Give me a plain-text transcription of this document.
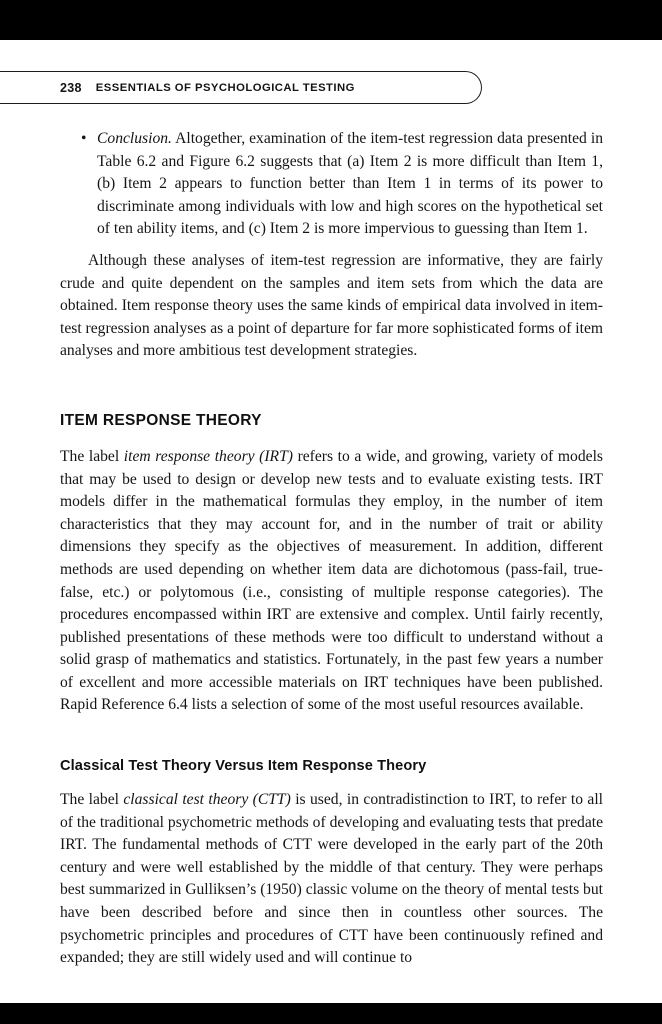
238 ESSENTIALS OF PSYCHOLOGICAL TESTING
• Conclusion. Altogether, examination of the item-test regression data presented in Table 6.2 and Figure 6.2 suggests that (a) Item 2 is more difficult than Item 1, (b) Item 2 appears to function better than Item 1 in terms of its power to discriminate among individuals with low and high scores on the hypothetical set of ten ability items, and (c) Item 2 is more impervious to guessing than Item 1.

Although these analyses of item-test regression are informative, they are fairly crude and quite dependent on the samples and item sets from which the data are obtained. Item response theory uses the same kinds of empirical data involved in item-test regression analyses as a point of departure for far more sophisticated forms of item analyses and more ambitious test development strategies.

ITEM RESPONSE THEORY

The label item response theory (IRT) refers to a wide, and growing, variety of models that may be used to design or develop new tests and to evaluate existing tests. IRT models differ in the mathematical formulas they employ, in the number of item characteristics that they may account for, and in the number of trait or ability dimensions they specify as the objectives of measurement. In addition, different methods are used depending on whether item data are dichotomous (pass-fail, true-false, etc.) or polytomous (i.e., consisting of multiple response categories). The procedures encompassed within IRT are extensive and complex. Until fairly recently, published presentations of these methods were too difficult to understand without a solid grasp of mathematics and statistics. Fortunately, in the past few years a number of excellent and more accessible materials on IRT techniques have been published. Rapid Reference 6.4 lists a selection of some of the most useful resources available.

Classical Test Theory Versus Item Response Theory

The label classical test theory (CTT) is used, in contradistinction to IRT, to refer to all of the traditional psychometric methods of developing and evaluating tests that predate IRT. The fundamental methods of CTT were developed in the early part of the 20th century and were well established by the middle of that century. They were perhaps best summarized in Gulliksen’s (1950) classic volume on the theory of mental tests but have been described before and since then in countless other sources. The psychometric principles and procedures of CTT have been continuously refined and expanded; they are still widely used and will continue to
